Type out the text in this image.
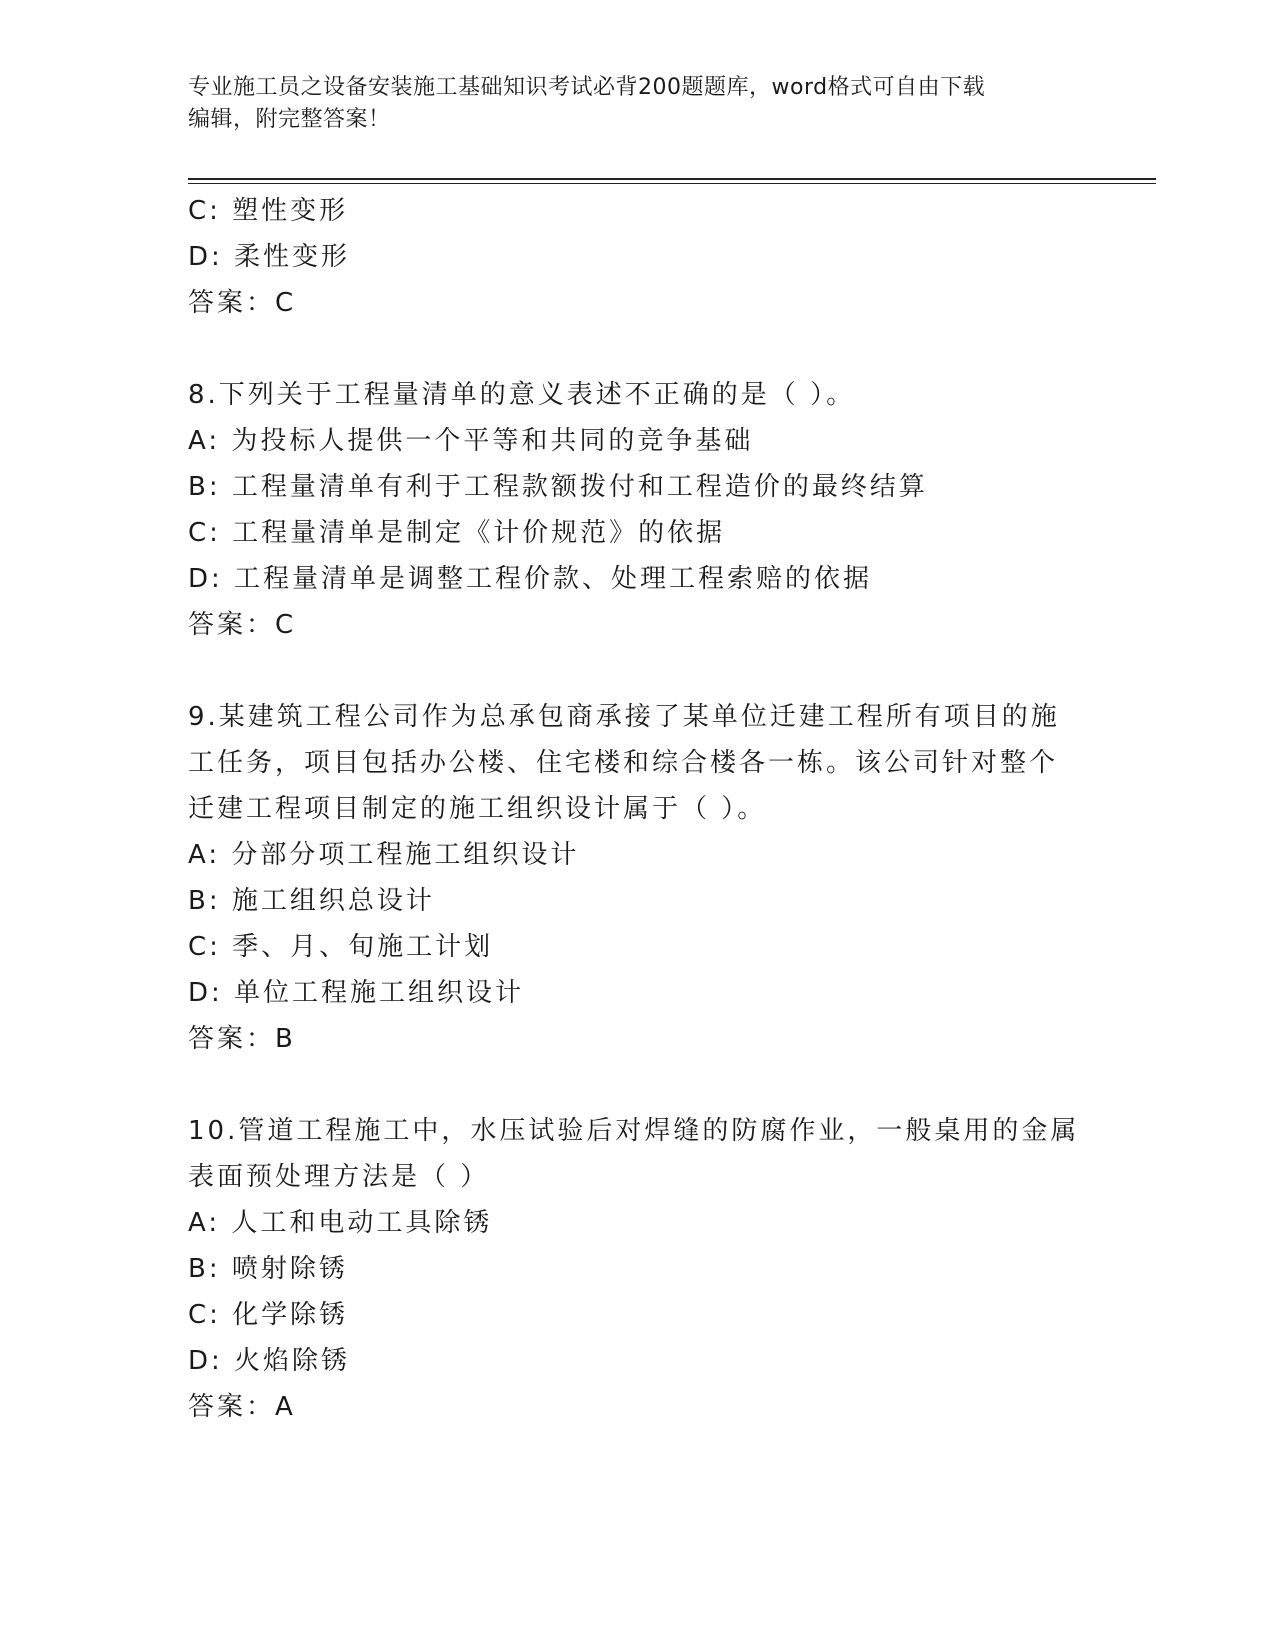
专业施工员之设备安装施工基础知识考试必背200题题库，word格式可自由下载
编辑，附完整答案！
C: 塑性变形
D: 柔性变形
答案：C
8.下列关于工程量清单的意义表述不正确的是（ ）。
A: 为投标人提供一个平等和共同的竞争基础
B: 工程量清单有利于工程款额拨付和工程造价的最终结算
C: 工程量清单是制定《计价规范》的依据
D: 工程量清单是调整工程价款、处理工程索赔的依据
答案：C
9.某建筑工程公司作为总承包商承接了某单位迁建工程所有项目的施
工任务，项目包括办公楼、住宅楼和综合楼各一栋。该公司针对整个
迁建工程项目制定的施工组织设计属于（ ）。
A: 分部分项工程施工组织设计
B: 施工组织总设计
C: 季、月、旬施工计划
D: 单位工程施工组织设计
答案：B
10.管道工程施工中，水压试验后对焊缝的防腐作业，一般桌用的金属
表面预处理方法是（ ）
A: 人工和电动工具除锈
B: 喷射除锈
C: 化学除锈
D: 火焰除锈
答案：A
